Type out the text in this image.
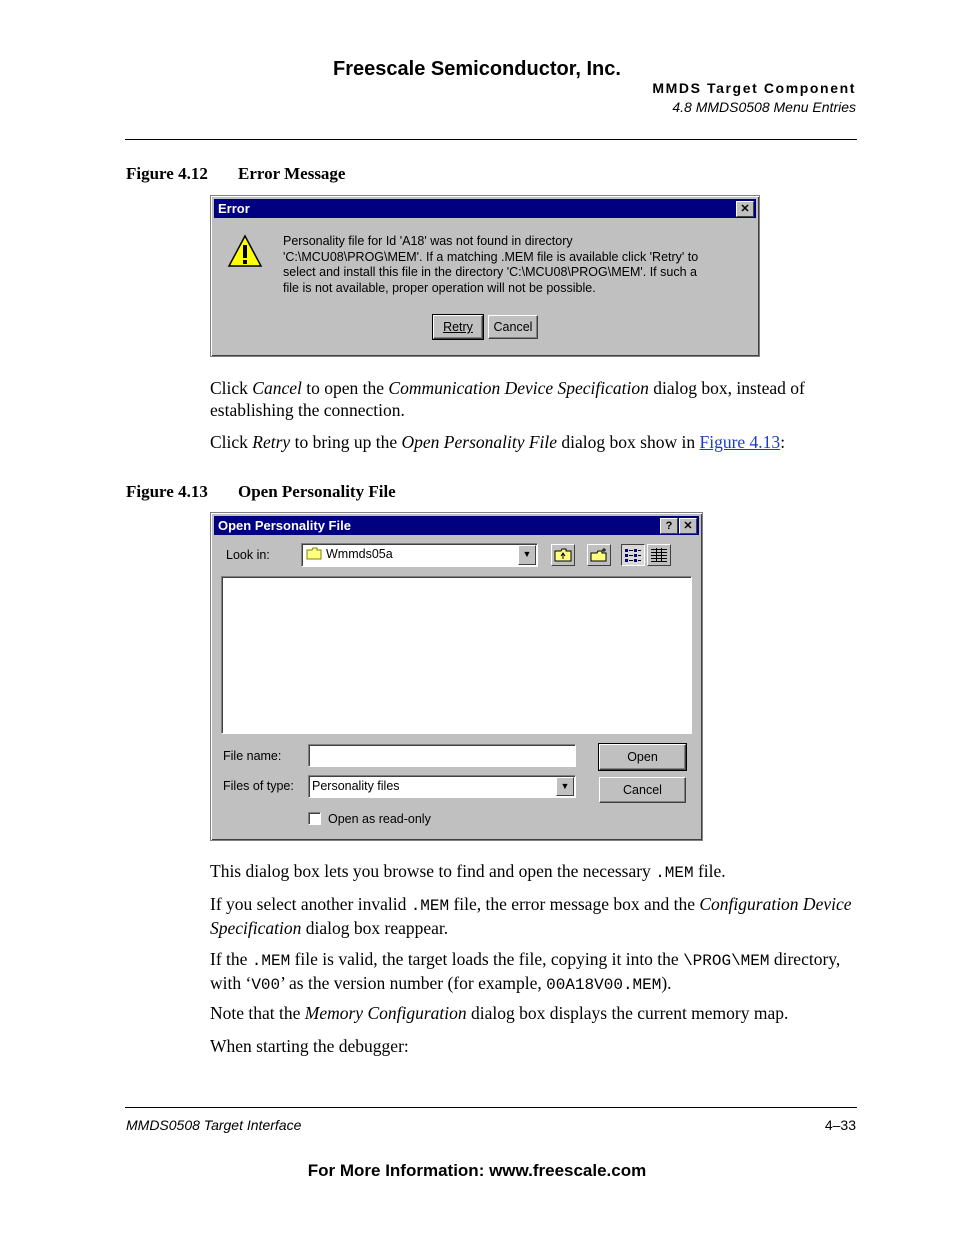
Freescale Semiconductor, Inc.
MMDS Target Component
4.8 MMDS0508 Menu Entries
Figure 4.12 Error Message
Error	✕
Personality file for Id 'A18' was not found in directory
'C:\MCU08\PROG\MEM'. If a matching .MEM file is available click 'Retry' to
select and install this file in the directory 'C:\MCU08\PROG\MEM'. If such a
file is not available, proper operation will not be possible.
Retry	Cancel

Click Cancel to open the Communication Device Specification dialog box, instead of establishing the connection.

Click Retry to bring up the Open Personality File dialog box show in Figure 4.13:

Figure 4.13 Open Personality File
Open Personality File	?	✕
Look in:	Wmmds05a	▼
File name:
Files of type: Personality files	▼
Open
Cancel
Open as read-only

This dialog box lets you browse to find and open the necessary .MEM file.

If you select another invalid .MEM file, the error message box and the Configuration Device Specification dialog box reappear.

If the .MEM file is valid, the target loads the file, copying it into the \PROG\MEM directory, with ‘V00’ as the version number (for example, 00A18V00.MEM).

Note that the Memory Configuration dialog box displays the current memory map.

When starting the debugger:

MMDS0508 Target Interface	4–33
For More Information: www.freescale.com
